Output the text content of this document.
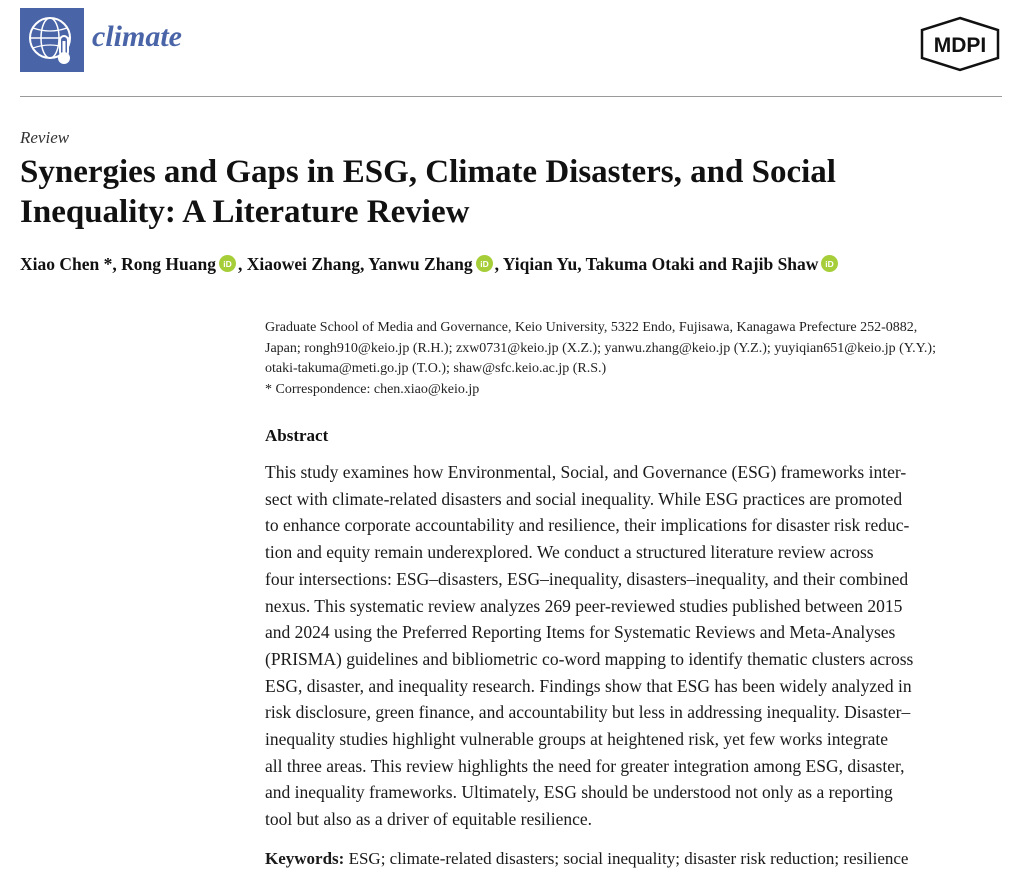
climate	MDPI
Review
Synergies and Gaps in ESG, Climate Disasters, and Social
Inequality: A Literature Review
Xiao Chen *, Rong Huang iD , Xiaowei Zhang, Yanwu Zhang iD , Yiqian Yu, Takuma Otaki and Rajib Shaw iD
Graduate School of Media and Governance, Keio University, 5322 Endo, Fujisawa, Kanagawa Prefecture 252-0882,
Japan; rongh910@keio.jp (R.H.); zxw0731@keio.jp (X.Z.); yanwu.zhang@keio.jp (Y.Z.); yuyiqian651@keio.jp (Y.Y.);
otaki-takuma@meti.go.jp (T.O.); shaw@sfc.keio.ac.jp (R.S.)
* Correspondence: chen.xiao@keio.jp
Abstract
This study examines how Environmental, Social, and Governance (ESG) frameworks inter-
sect with climate-related disasters and social inequality. While ESG practices are promoted
to enhance corporate accountability and resilience, their implications for disaster risk reduc-
tion and equity remain underexplored. We conduct a structured literature review across
four intersections: ESG–disasters, ESG–inequality, disasters–inequality, and their combined
nexus. This systematic review analyzes 269 peer-reviewed studies published between 2015
and 2024 using the Preferred Reporting Items for Systematic Reviews and Meta-Analyses
(PRISMA) guidelines and bibliometric co-word mapping to identify thematic clusters across
ESG, disaster, and inequality research. Findings show that ESG has been widely analyzed in
risk disclosure, green finance, and accountability but less in addressing inequality. Disaster–
inequality studies highlight vulnerable groups at heightened risk, yet few works integrate
all three areas. This review highlights the need for greater integration among ESG, disaster,
and inequality frameworks. Ultimately, ESG should be understood not only as a reporting
tool but also as a driver of equitable resilience.
Keywords: ESG; climate-related disasters; social inequality; disaster risk reduction; resilience
